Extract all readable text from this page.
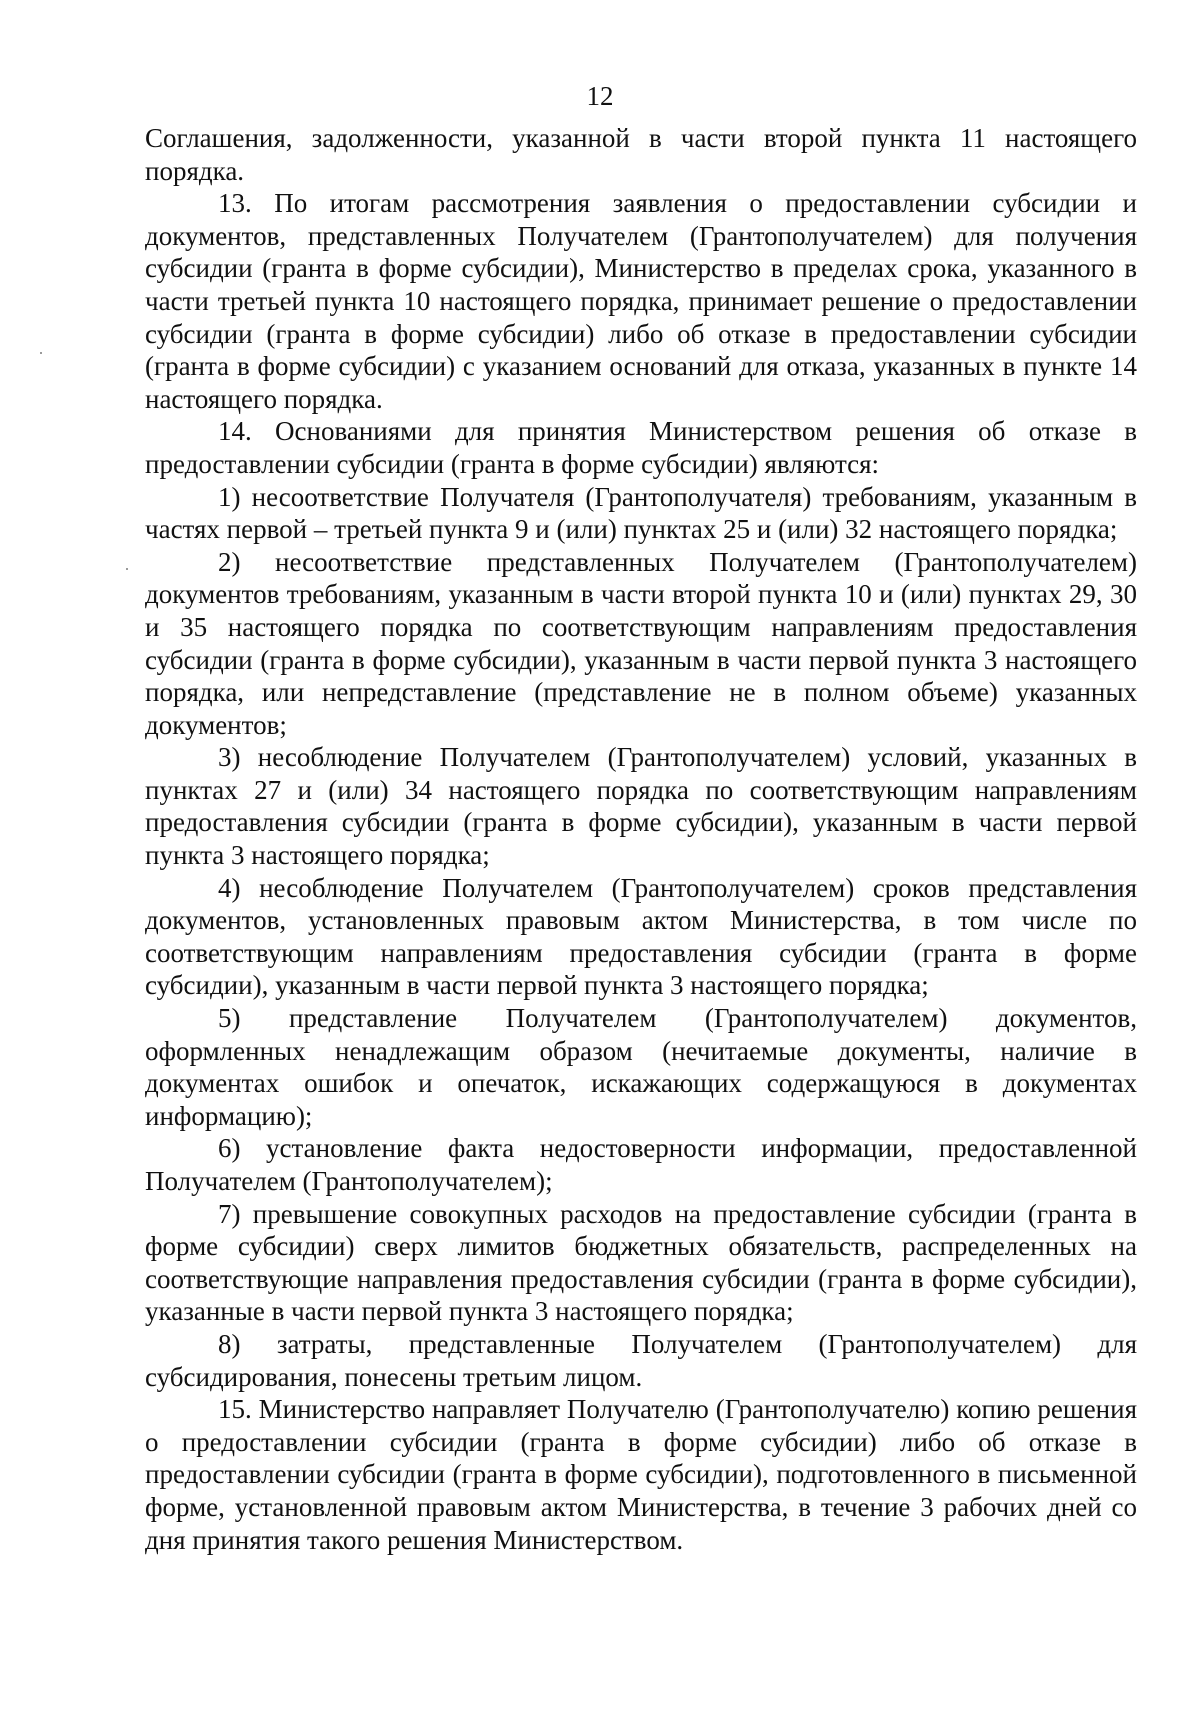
12

Соглашения, задолженности, указанной в части второй пункта 11 настоящего порядка.

13. По итогам рассмотрения заявления о предоставлении субсидии и документов, представленных Получателем (Грантополучателем) для получения субсидии (гранта в форме субсидии), Министерство в пределах срока, указанного в части третьей пункта 10 настоящего порядка, принимает решение о предоставлении субсидии (гранта в форме субсидии) либо об отказе в предоставлении субсидии (гранта в форме субсидии) с указанием оснований для отказа, указанных в пункте 14 настоящего порядка.

14. Основаниями для принятия Министерством решения об отказе в предоставлении субсидии (гранта в форме субсидии) являются:

1) несоответствие Получателя (Грантополучателя) требованиям, указанным в частях первой – третьей пункта 9 и (или) пунктах 25 и (или) 32 настоящего порядка;

2) несоответствие представленных Получателем (Грантополучателем) документов требованиям, указанным в части второй пункта 10 и (или) пунктах 29, 30 и 35 настоящего порядка по соответствующим направлениям предоставления субсидии (гранта в форме субсидии), указанным в части первой пункта 3 настоящего порядка, или непредставление (представление не в полном объеме) указанных документов;

3) несоблюдение Получателем (Грантополучателем) условий, указанных в пунктах 27 и (или) 34 настоящего порядка по соответствующим направлениям предоставления субсидии (гранта в форме субсидии), указанным в части первой пункта 3 настоящего порядка;

4) несоблюдение Получателем (Грантополучателем) сроков представления документов, установленных правовым актом Министерства, в том числе по соответствующим направлениям предоставления субсидии (гранта в форме субсидии), указанным в части первой пункта 3 настоящего порядка;

5) представление Получателем (Грантополучателем) документов, оформленных ненадлежащим образом (нечитаемые документы, наличие в документах ошибок и опечаток, искажающих содержащуюся в документах информацию);

6) установление факта недостоверности информации, предоставленной Получателем (Грантополучателем);

7) превышение совокупных расходов на предоставление субсидии (гранта в форме субсидии) сверх лимитов бюджетных обязательств, распределенных на соответствующие направления предоставления субсидии (гранта в форме субсидии), указанные в части первой пункта 3 настоящего порядка;

8) затраты, представленные Получателем (Грантополучателем) для субсидирования, понесены третьим лицом.

15. Министерство направляет Получателю (Грантополучателю) копию решения о предоставлении субсидии (гранта в форме субсидии) либо об отказе в предоставлении субсидии (гранта в форме субсидии), подготовленного в письменной форме, установленной правовым актом Министерства, в течение 3 рабочих дней со дня принятия такого решения Министерством.
